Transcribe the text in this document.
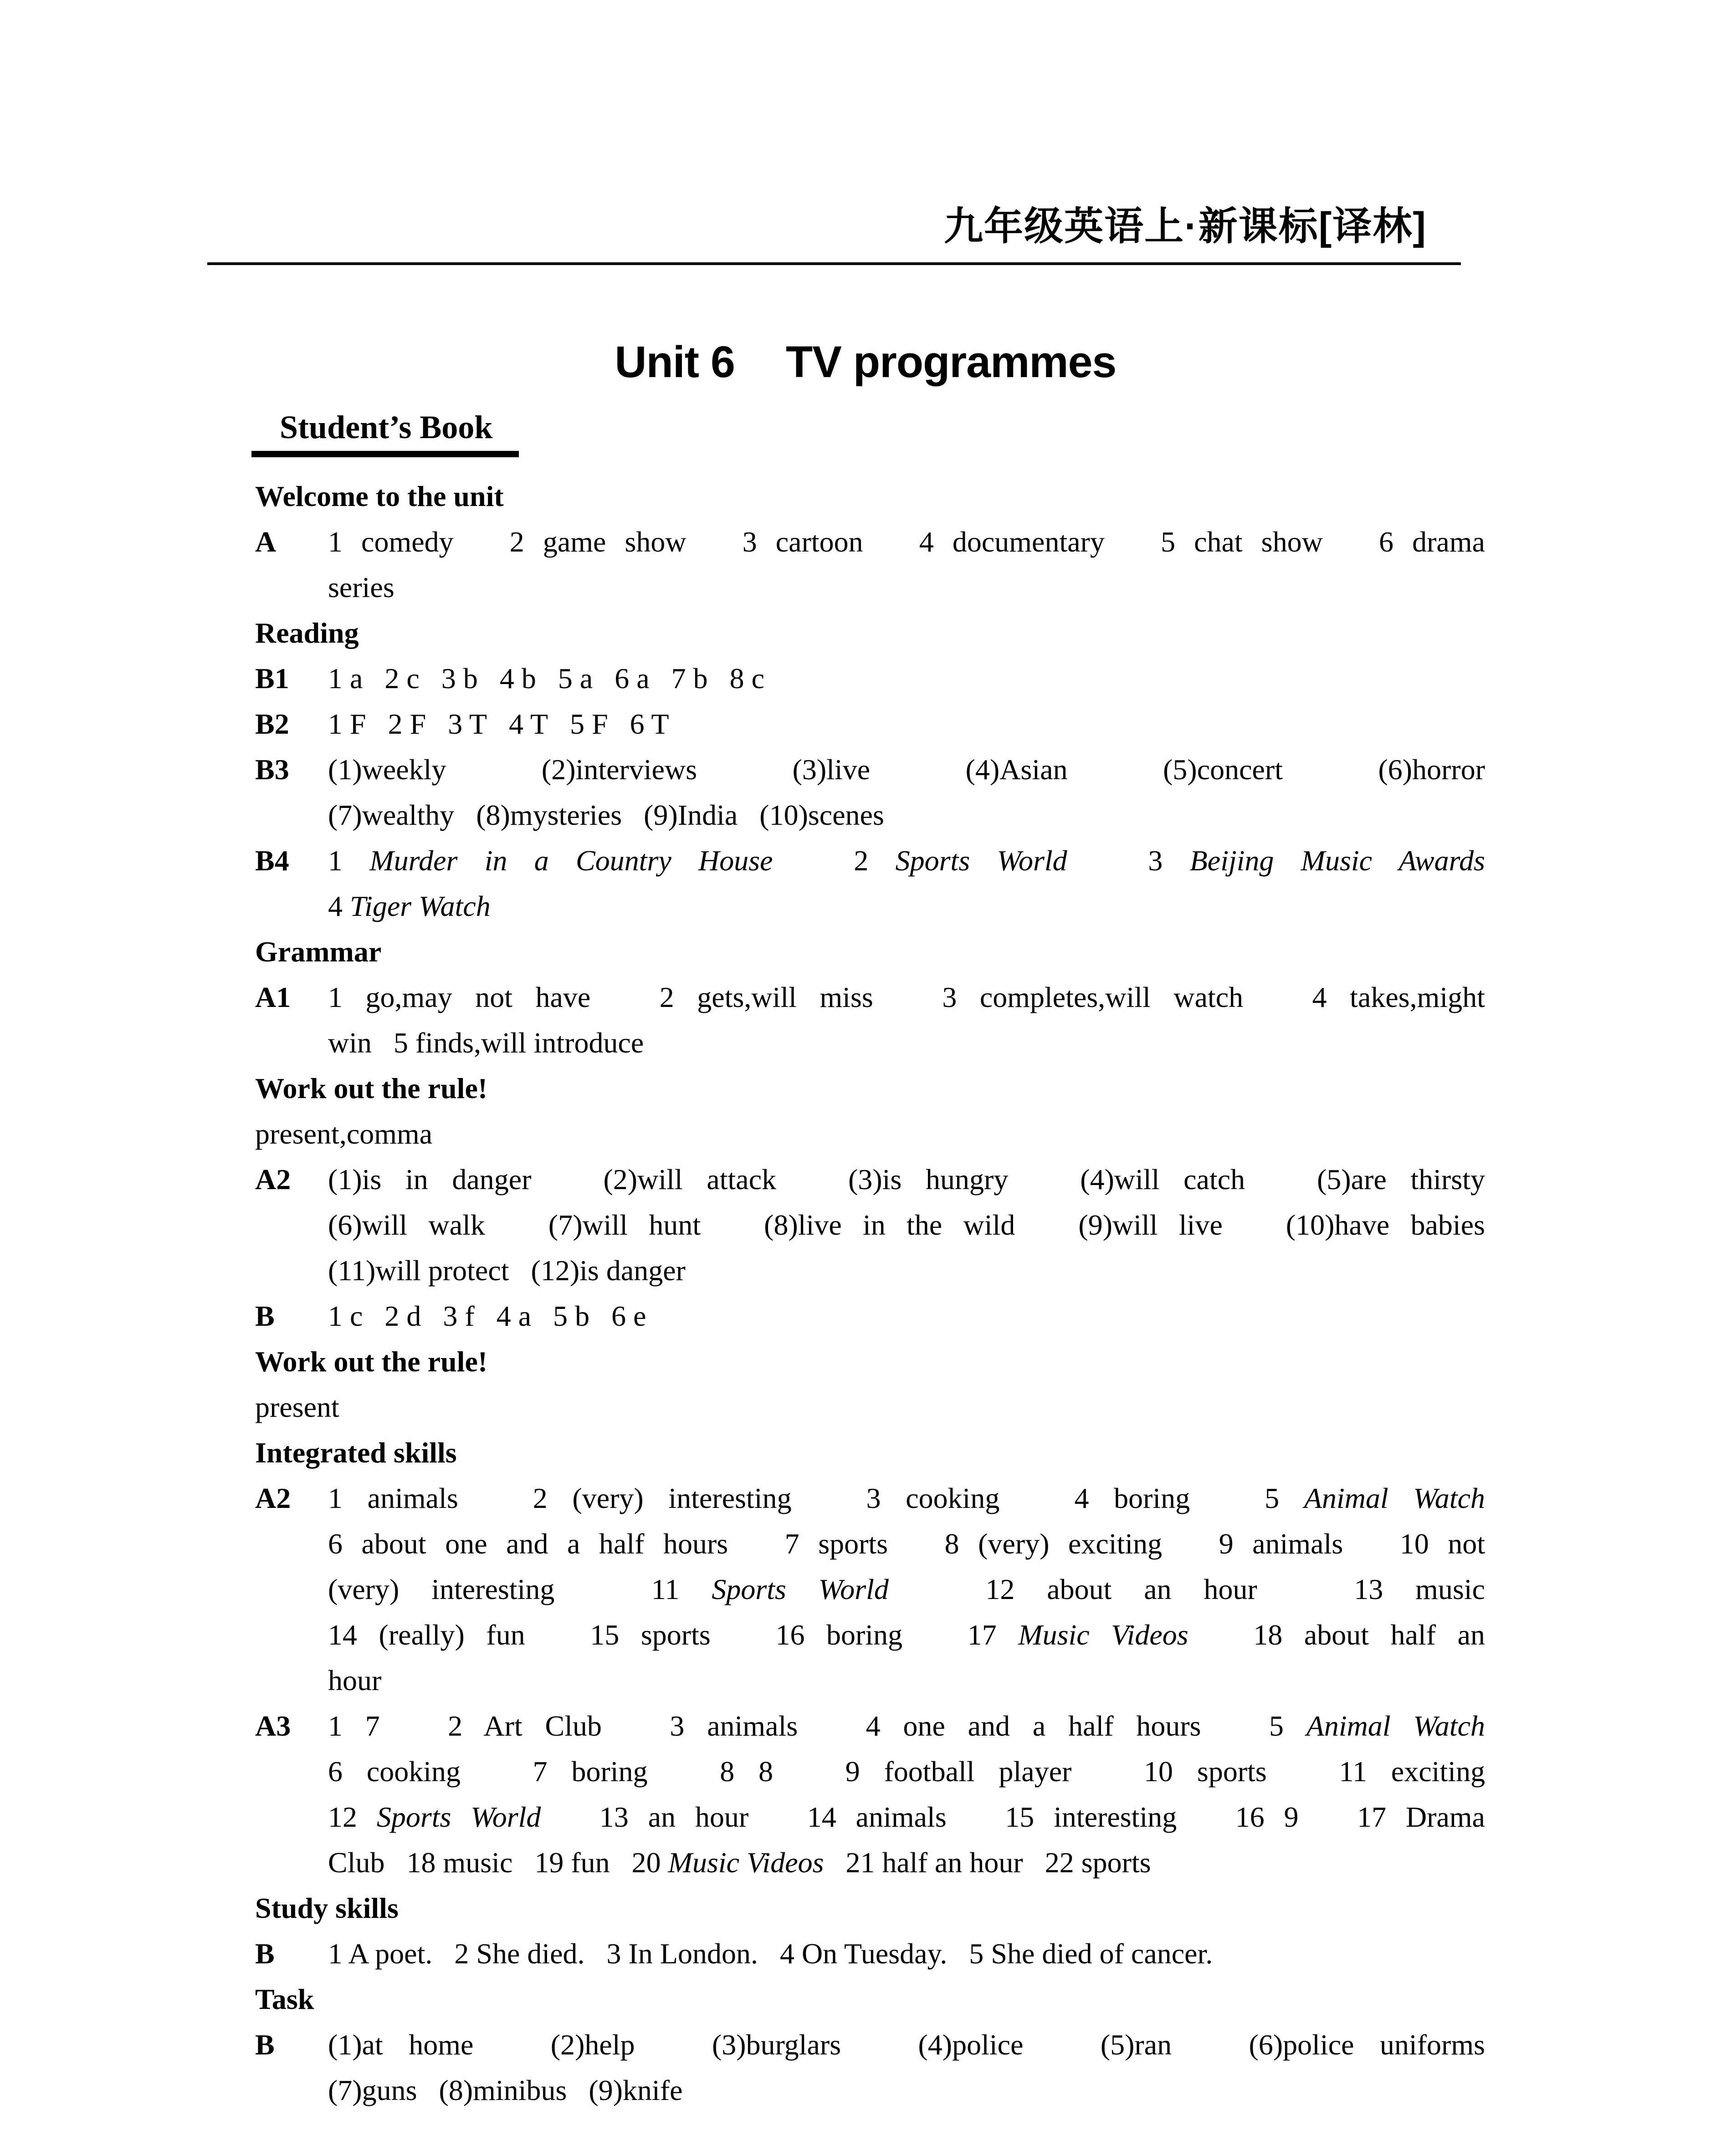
九年级英语上·新课标[译林]
Unit 6 TV programmes
Student’s Book
Welcome to the unit
A 1 comedy 2 game show 3 cartoon 4 documentary 5 chat show 6 drama
series
Reading
B1 1 a 2 c 3 b 4 b 5 a 6 a 7 b 8 c
B2 1 F 2 F 3 T 4 T 5 F 6 T
B3 (1)weekly	(2)interviews	(3)live	(4)Asian	(5)concert	(6)horror
(7)wealthy (8)mysteries (9)India (10)scenes
B4 1 Murder in a Country House	2 Sports World	3 Beijing Music Awards
4 Tiger Watch
Grammar
A1 1 go,may not have 2 gets,will miss 3 completes,will watch 4 takes,might
win 5 finds,will introduce
Work out the rule!
present,comma
A2 (1)is in danger (2)will attack (3)is hungry (4)will catch (5)are thirsty
(6)will walk (7)will hunt (8)live in the wild (9)will live (10)have babies
(11)will protect (12)is danger
B 1 c 2 d 3 f 4 a 5 b 6 e
Work out the rule!
present
Integrated skills
A2 1 animals	2 (very) interesting	3 cooking	4 boring	5 Animal Watch
6 about one and a half hours 7 sports 8 (very) exciting 9 animals 10 not
(very) interesting	11 Sports World	12 about an hour	13 music
14 (really) fun 15 sports 16 boring 17 Music Videos 18 about half an
hour
A3 1 7 2 Art Club 3 animals 4 one and a half hours 5 Animal Watch
6 cooking 7 boring 8 8 9 football player 10 sports 11 exciting
12 Sports World 13 an hour 14 animals 15 interesting 16 9 17 Drama
Club 18 music 19 fun 20 Music Videos 21 half an hour 22 sports
Study skills
B 1 A poet. 2 She died. 3 In London. 4 On Tuesday. 5 She died of cancer.
Task
B (1)at home	(2)help	(3)burglars	(4)police	(5)ran	(6)police uniforms
(7)guns (8)minibus (9)knife
